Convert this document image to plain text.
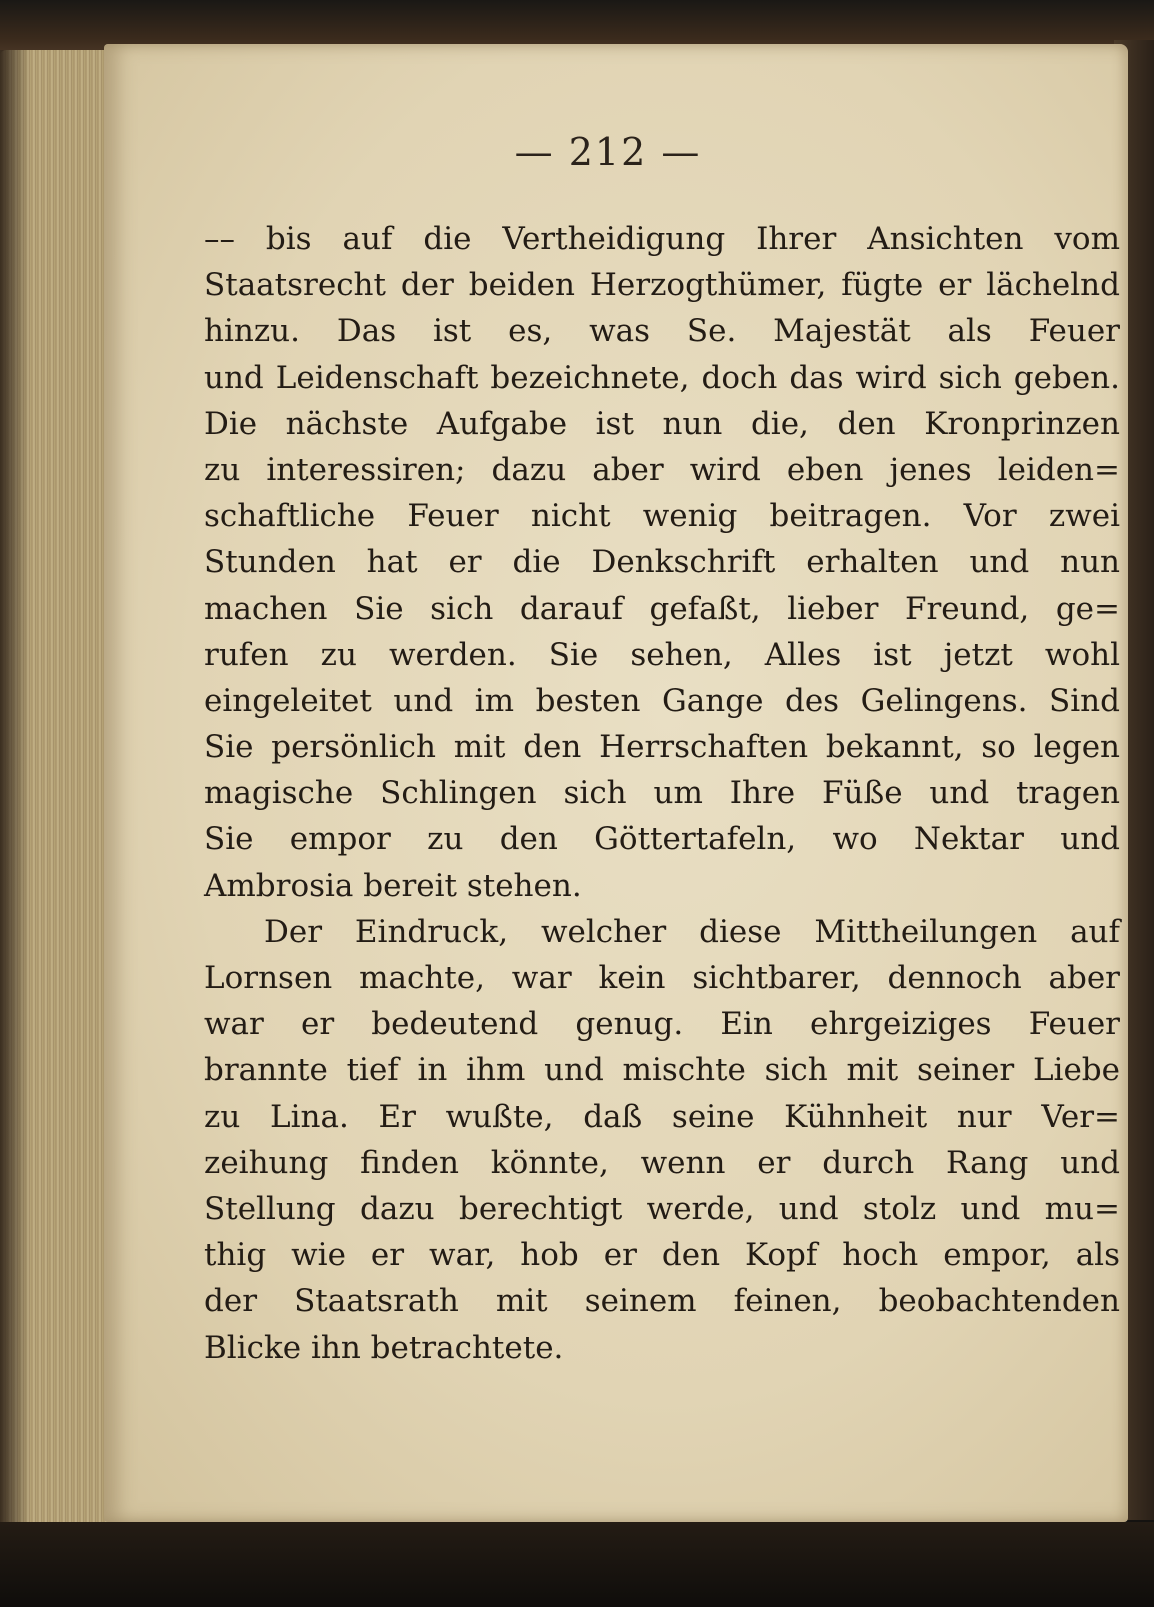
— 212 —
–– bis auf die Vertheidigung Ihrer Ansichten vom
Staatsrecht der beiden Herzogthümer, fügte er lächelnd
hinzu. Das ist es, was Se. Majestät als Feuer
und Leidenschaft bezeichnete, doch das wird sich geben.
Die nächste Aufgabe ist nun die, den Kronprinzen
zu interessiren; dazu aber wird eben jenes leiden=
schaftliche Feuer nicht wenig beitragen. Vor zwei
Stunden hat er die Denkschrift erhalten und nun
machen Sie sich darauf gefaßt, lieber Freund, ge=
rufen zu werden. Sie sehen, Alles ist jetzt wohl
eingeleitet und im besten Gange des Gelingens. Sind
Sie persönlich mit den Herrschaften bekannt, so legen
magische Schlingen sich um Ihre Füße und tragen
Sie empor zu den Göttertafeln, wo Nektar und
Ambrosia bereit stehen.
Der Eindruck, welcher diese Mittheilungen auf
Lornsen machte, war kein sichtbarer, dennoch aber
war er bedeutend genug. Ein ehrgeiziges Feuer
brannte tief in ihm und mischte sich mit seiner Liebe
zu Lina. Er wußte, daß seine Kühnheit nur Ver=
zeihung finden könnte, wenn er durch Rang und
Stellung dazu berechtigt werde, und stolz und mu=
thig wie er war, hob er den Kopf hoch empor, als
der Staatsrath mit seinem feinen, beobachtenden
Blicke ihn betrachtete.
